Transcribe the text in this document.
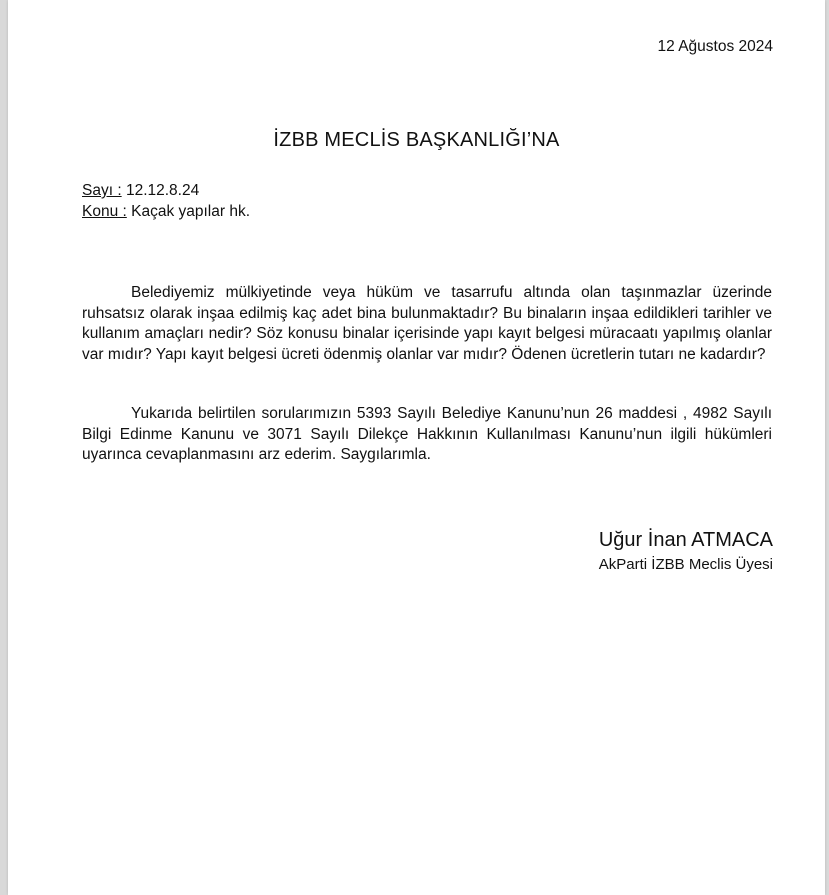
12 Ağustos 2024
İZBB MECLİS BAŞKANLIĞI’NA
Sayı : 12.12.8.24
Konu : Kaçak yapılar hk.

Belediyemiz mülkiyetinde veya hüküm ve tasarrufu altında olan taşınmazlar üzerinde ruhsatsız olarak inşaa edilmiş kaç adet bina bulunmaktadır? Bu binaların inşaa edildikleri tarihler ve kullanım amaçları nedir? Söz konusu binalar içerisinde yapı kayıt belgesi müracaatı yapılmış olanlar var mıdır? Yapı kayıt belgesi ücreti ödenmiş olanlar var mıdır? Ödenen ücretlerin tutarı ne kadardır?

Yukarıda belirtilen sorularımızın 5393 Sayılı Belediye Kanunu’nun 26 maddesi , 4982 Sayılı Bilgi Edinme Kanunu ve 3071 Sayılı Dilekçe Hakkının Kullanılması Kanunu’nun ilgili hükümleri uyarınca cevaplanmasını arz ederim. Saygılarımla.

Uğur İnan ATMACA
AkParti İZBB Meclis Üyesi
